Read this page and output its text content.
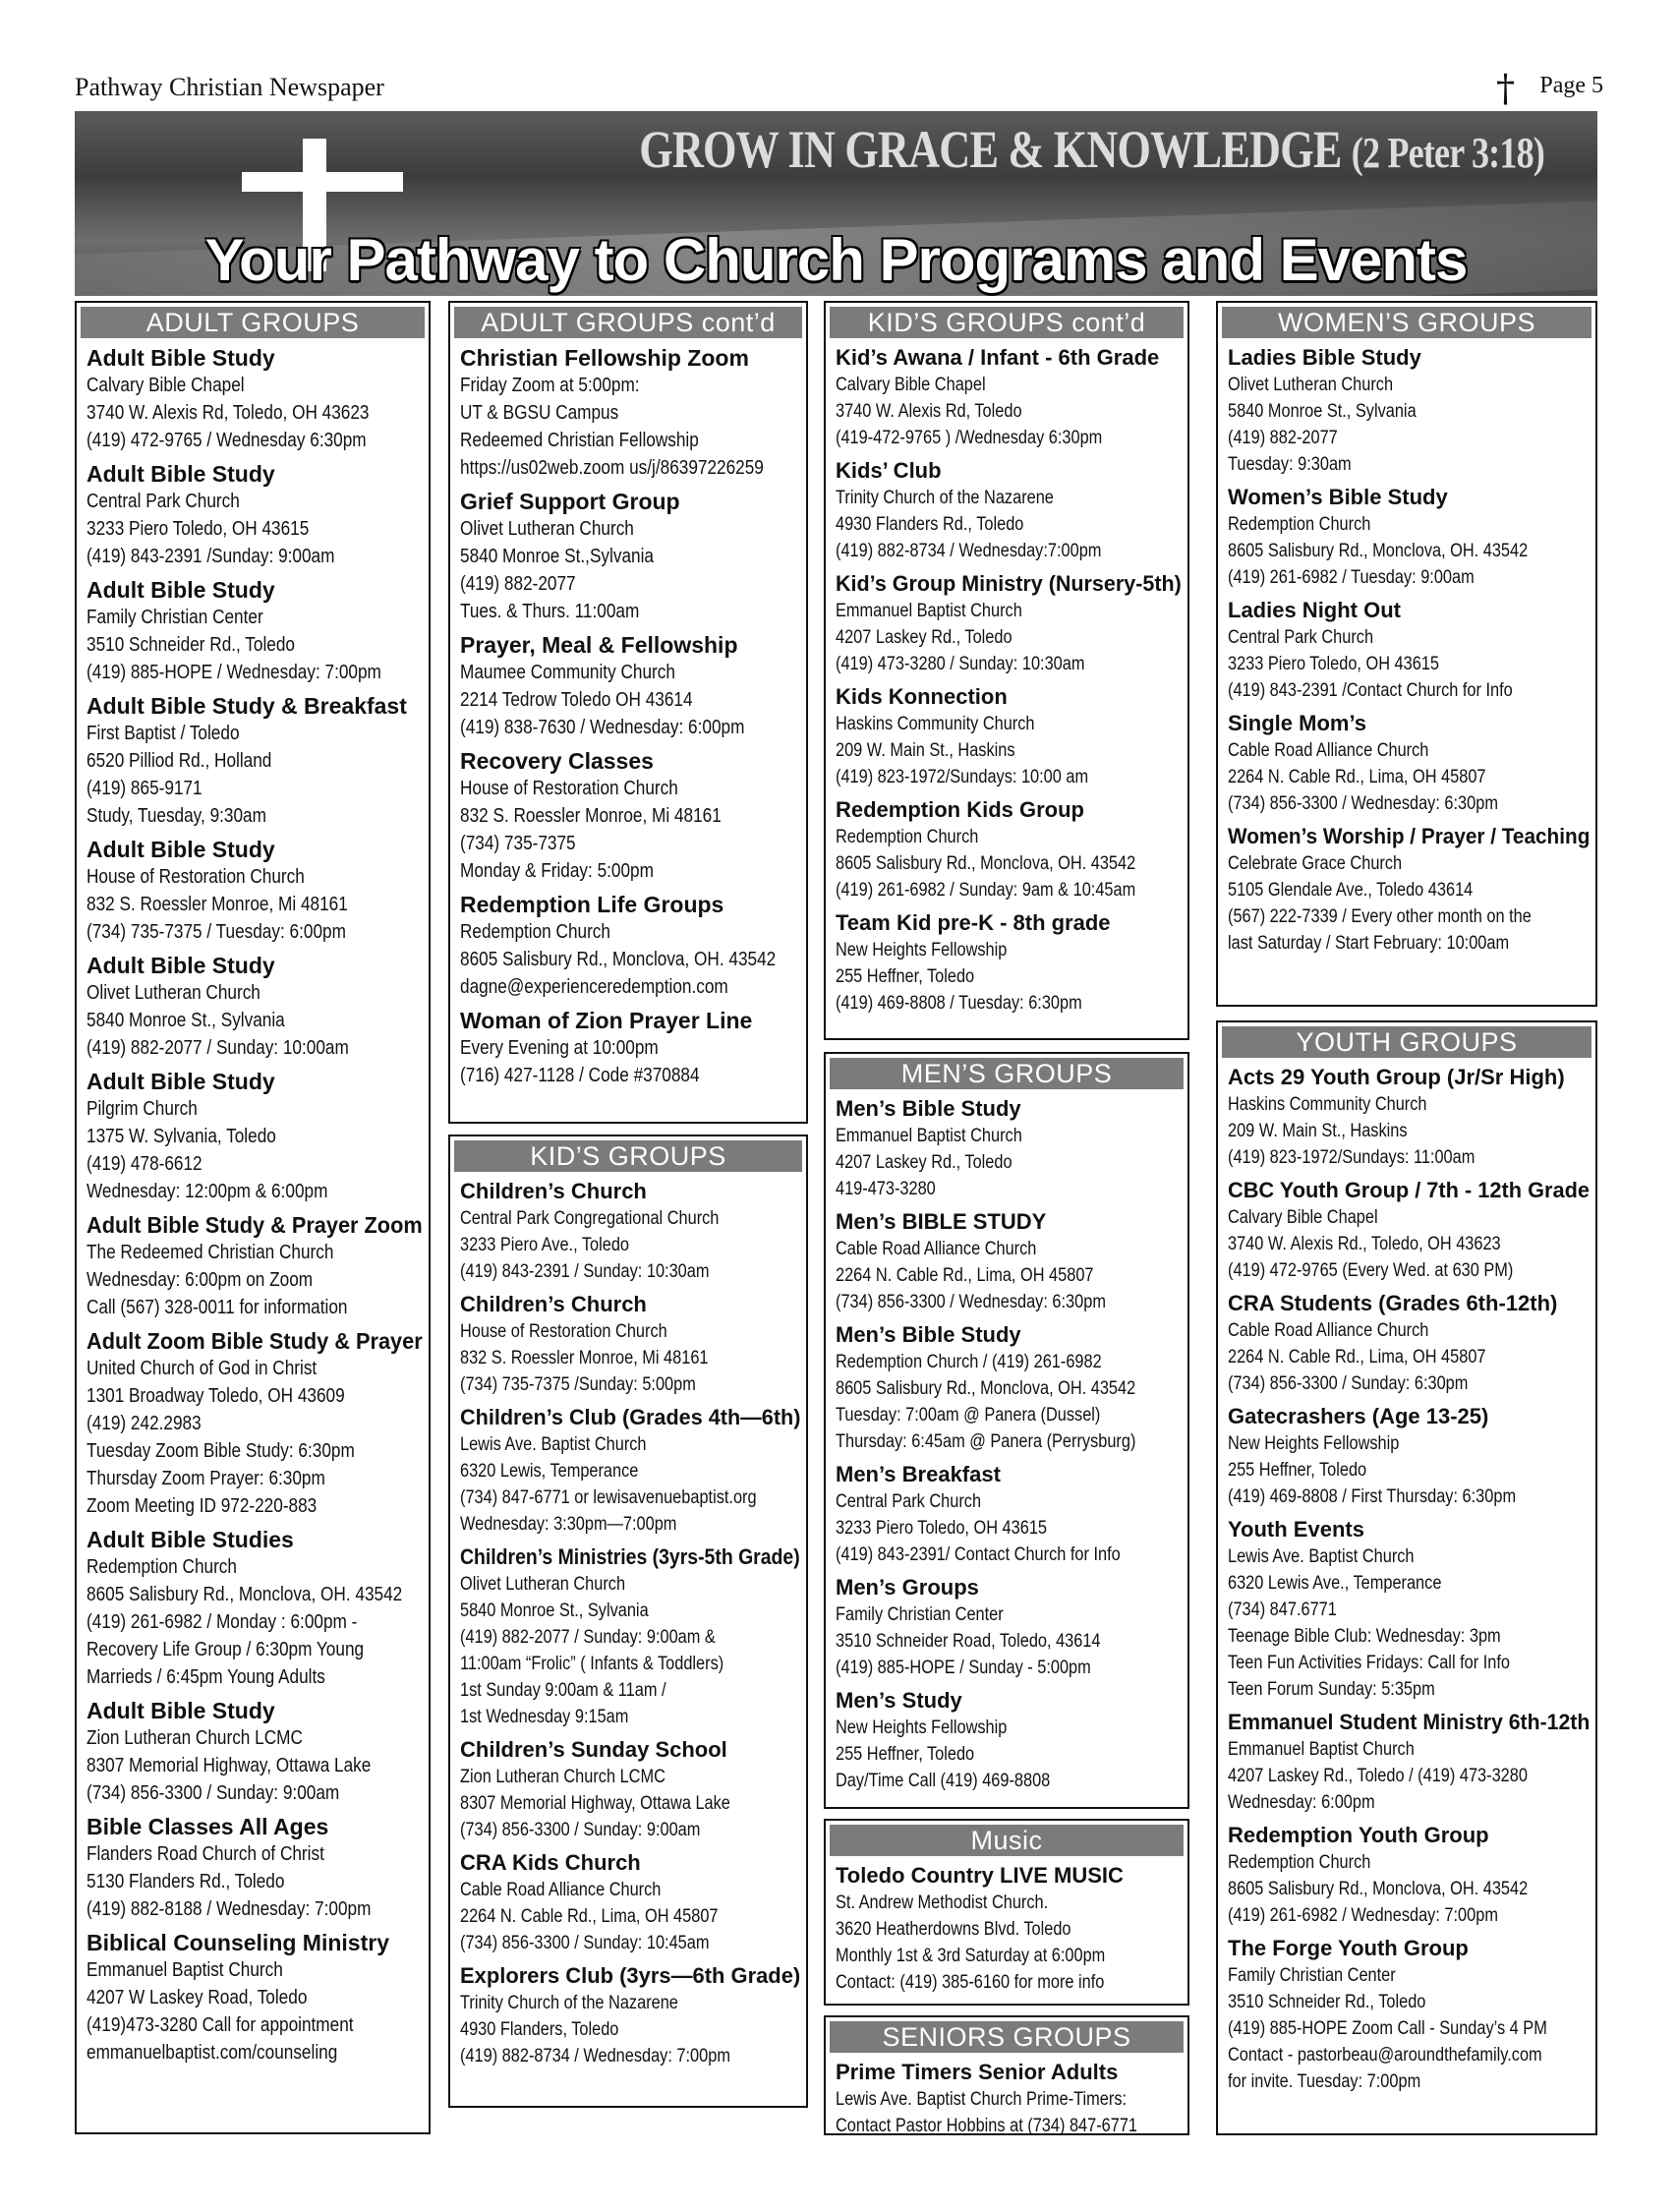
Pathway Christian Newspaper	† Page 5
GROW IN GRACE & KNOWLEDGE (2 Peter 3:18)
Your Pathway to Church Programs and Events
ADULT GROUPS
Adult Bible Study
Calvary Bible Chapel
3740 W. Alexis Rd, Toledo, OH 43623
(419) 472-9765 / Wednesday 6:30pm
Adult Bible Study
Central Park Church
3233 Piero Toledo, OH 43615
(419) 843-2391 /Sunday: 9:00am
Adult Bible Study
Family Christian Center
3510 Schneider Rd., Toledo
(419) 885-HOPE / Wednesday: 7:00pm
Adult Bible Study & Breakfast
First Baptist / Toledo
6520 Pilliod Rd., Holland
(419) 865-9171
Study, Tuesday, 9:30am
Adult Bible Study
House of Restoration Church
832 S. Roessler Monroe, Mi 48161
(734) 735-7375 / Tuesday: 6:00pm
Adult Bible Study
Olivet Lutheran Church
5840 Monroe St., Sylvania
(419) 882-2077 / Sunday: 10:00am
Adult Bible Study
Pilgrim Church
1375 W. Sylvania, Toledo
(419) 478-6612
Wednesday: 12:00pm & 6:00pm
Adult Bible Study & Prayer Zoom
The Redeemed Christian Church
Wednesday: 6:00pm on Zoom
Call (567) 328-0011 for information
Adult Zoom Bible Study & Prayer
United Church of God in Christ
1301 Broadway Toledo, OH 43609
(419) 242.2983
Tuesday Zoom Bible Study: 6:30pm
Thursday Zoom Prayer: 6:30pm
Zoom Meeting ID 972-220-883
Adult Bible Studies
Redemption Church
8605 Salisbury Rd., Monclova, OH. 43542
(419) 261-6982 / Monday : 6:00pm -
Recovery Life Group / 6:30pm Young
Marrieds / 6:45pm Young Adults
Adult Bible Study
Zion Lutheran Church LCMC
8307 Memorial Highway, Ottawa Lake
(734) 856-3300 / Sunday: 9:00am
Bible Classes All Ages
Flanders Road Church of Christ
5130 Flanders Rd., Toledo
(419) 882-8188 / Wednesday: 7:00pm
Biblical Counseling Ministry
Emmanuel Baptist Church
4207 W Laskey Road, Toledo
(419)473-3280 Call for appointment
emmanuelbaptist.com/counseling
ADULT GROUPS cont’d
Christian Fellowship Zoom
Friday Zoom at 5:00pm:
UT & BGSU Campus
Redeemed Christian Fellowship
https://us02web.zoom us/j/86397226259
Grief Support Group
Olivet Lutheran Church
5840 Monroe St.,Sylvania
(419) 882-2077
Tues. & Thurs. 11:00am
Prayer, Meal & Fellowship
Maumee Community Church
2214 Tedrow Toledo OH 43614
(419) 838-7630 / Wednesday: 6:00pm
Recovery Classes
House of Restoration Church
832 S. Roessler Monroe, Mi 48161
(734) 735-7375
Monday & Friday: 5:00pm
Redemption Life Groups
Redemption Church
8605 Salisbury Rd., Monclova, OH. 43542
dagne@experienceredemption.com
Woman of Zion Prayer Line
Every Evening at 10:00pm
(716) 427-1128 / Code #370884
KID’S GROUPS
Children’s Church
Central Park Congregational Church
3233 Piero Ave., Toledo
(419) 843-2391 / Sunday: 10:30am
Children’s Church
House of Restoration Church
832 S. Roessler Monroe, Mi 48161
(734) 735-7375 /Sunday: 5:00pm
Children’s Club (Grades 4th—6th)
Lewis Ave. Baptist Church
6320 Lewis, Temperance
(734) 847-6771 or lewisavenuebaptist.org
Wednesday: 3:30pm—7:00pm
Children’s Ministries (3yrs-5th Grade)
Olivet Lutheran Church
5840 Monroe St., Sylvania
(419) 882-2077 / Sunday: 9:00am &
11:00am “Frolic” ( Infants & Toddlers)
1st Sunday 9:00am & 11am /
1st Wednesday 9:15am
Children’s Sunday School
Zion Lutheran Church LCMC
8307 Memorial Highway, Ottawa Lake
(734) 856-3300 / Sunday: 9:00am
CRA Kids Church
Cable Road Alliance Church
2264 N. Cable Rd., Lima, OH 45807
(734) 856-3300 / Sunday: 10:45am
Explorers Club (3yrs—6th Grade)
Trinity Church of the Nazarene
4930 Flanders, Toledo
(419) 882-8734 / Wednesday: 7:00pm
KID’S GROUPS cont’d
Kid’s Awana / Infant - 6th Grade
Calvary Bible Chapel
3740 W. Alexis Rd, Toledo
(419-472-9765 ) /Wednesday 6:30pm
Kids’ Club
Trinity Church of the Nazarene
4930 Flanders Rd., Toledo
(419) 882-8734 / Wednesday:7:00pm
Kid’s Group Ministry (Nursery-5th)
Emmanuel Baptist Church
4207 Laskey Rd., Toledo
(419) 473-3280 / Sunday: 10:30am
Kids Konnection
Haskins Community Church
209 W. Main St., Haskins
(419) 823-1972/Sundays: 10:00 am
Redemption Kids Group
Redemption Church
8605 Salisbury Rd., Monclova, OH. 43542
(419) 261-6982 / Sunday: 9am & 10:45am
Team Kid pre-K - 8th grade
New Heights Fellowship
255 Heffner, Toledo
(419) 469-8808 / Tuesday: 6:30pm
MEN’S GROUPS
Men’s Bible Study
Emmanuel Baptist Church
4207 Laskey Rd., Toledo
419-473-3280
Men’s BIBLE STUDY
Cable Road Alliance Church
2264 N. Cable Rd., Lima, OH 45807
(734) 856-3300 / Wednesday: 6:30pm
Men’s Bible Study
Redemption Church / (419) 261-6982
8605 Salisbury Rd., Monclova, OH. 43542
Tuesday: 7:00am @ Panera (Dussel)
Thursday: 6:45am @ Panera (Perrysburg)
Men’s Breakfast
Central Park Church
3233 Piero Toledo, OH 43615
(419) 843-2391/ Contact Church for Info
Men’s Groups
Family Christian Center
3510 Schneider Road, Toledo, 43614
(419) 885-HOPE / Sunday - 5:00pm
Men’s Study
New Heights Fellowship
255 Heffner, Toledo
Day/Time Call (419) 469-8808
Music
Toledo Country LIVE MUSIC
St. Andrew Methodist Church.
3620 Heatherdowns Blvd. Toledo
Monthly 1st & 3rd Saturday at 6:00pm
Contact: (419) 385-6160 for more info
SENIORS GROUPS
Prime Timers Senior Adults
Lewis Ave. Baptist Church Prime-Timers:
Contact Pastor Hobbins at (734) 847-6771
WOMEN’S GROUPS
Ladies Bible Study
Olivet Lutheran Church
5840 Monroe St., Sylvania
(419) 882-2077
Tuesday: 9:30am
Women’s Bible Study
Redemption Church
8605 Salisbury Rd., Monclova, OH. 43542
(419) 261-6982 / Tuesday: 9:00am
Ladies Night Out
Central Park Church
3233 Piero Toledo, OH 43615
(419) 843-2391 /Contact Church for Info
Single Mom’s
Cable Road Alliance Church
2264 N. Cable Rd., Lima, OH 45807
(734) 856-3300 / Wednesday: 6:30pm
Women’s Worship / Prayer / Teaching
Celebrate Grace Church
5105 Glendale Ave., Toledo 43614
(567) 222-7339 / Every other month on the
last Saturday / Start February: 10:00am
YOUTH GROUPS
Acts 29 Youth Group (Jr/Sr High)
Haskins Community Church
209 W. Main St., Haskins
(419) 823-1972/Sundays: 11:00am
CBC Youth Group / 7th - 12th Grade
Calvary Bible Chapel
3740 W. Alexis Rd., Toledo, OH 43623
(419) 472-9765 (Every Wed. at 630 PM)
CRA Students (Grades 6th-12th)
Cable Road Alliance Church
2264 N. Cable Rd., Lima, OH 45807
(734) 856-3300 / Sunday: 6:30pm
Gatecrashers (Age 13-25)
New Heights Fellowship
255 Heffner, Toledo
(419) 469-8808 / First Thursday: 6:30pm
Youth Events
Lewis Ave. Baptist Church
6320 Lewis Ave., Temperance
(734) 847.6771
Teenage Bible Club: Wednesday: 3pm
Teen Fun Activities Fridays: Call for Info
Teen Forum Sunday: 5:35pm
Emmanuel Student Ministry 6th-12th
Emmanuel Baptist Church
4207 Laskey Rd., Toledo / (419) 473-3280
Wednesday: 6:00pm
Redemption Youth Group
Redemption Church
8605 Salisbury Rd., Monclova, OH. 43542
(419) 261-6982 / Wednesday: 7:00pm
The Forge Youth Group
Family Christian Center
3510 Schneider Rd., Toledo
(419) 885-HOPE Zoom Call - Sunday’s 4 PM
Contact - pastorbeau@aroundthefamily.com
for invite. Tuesday: 7:00pm
